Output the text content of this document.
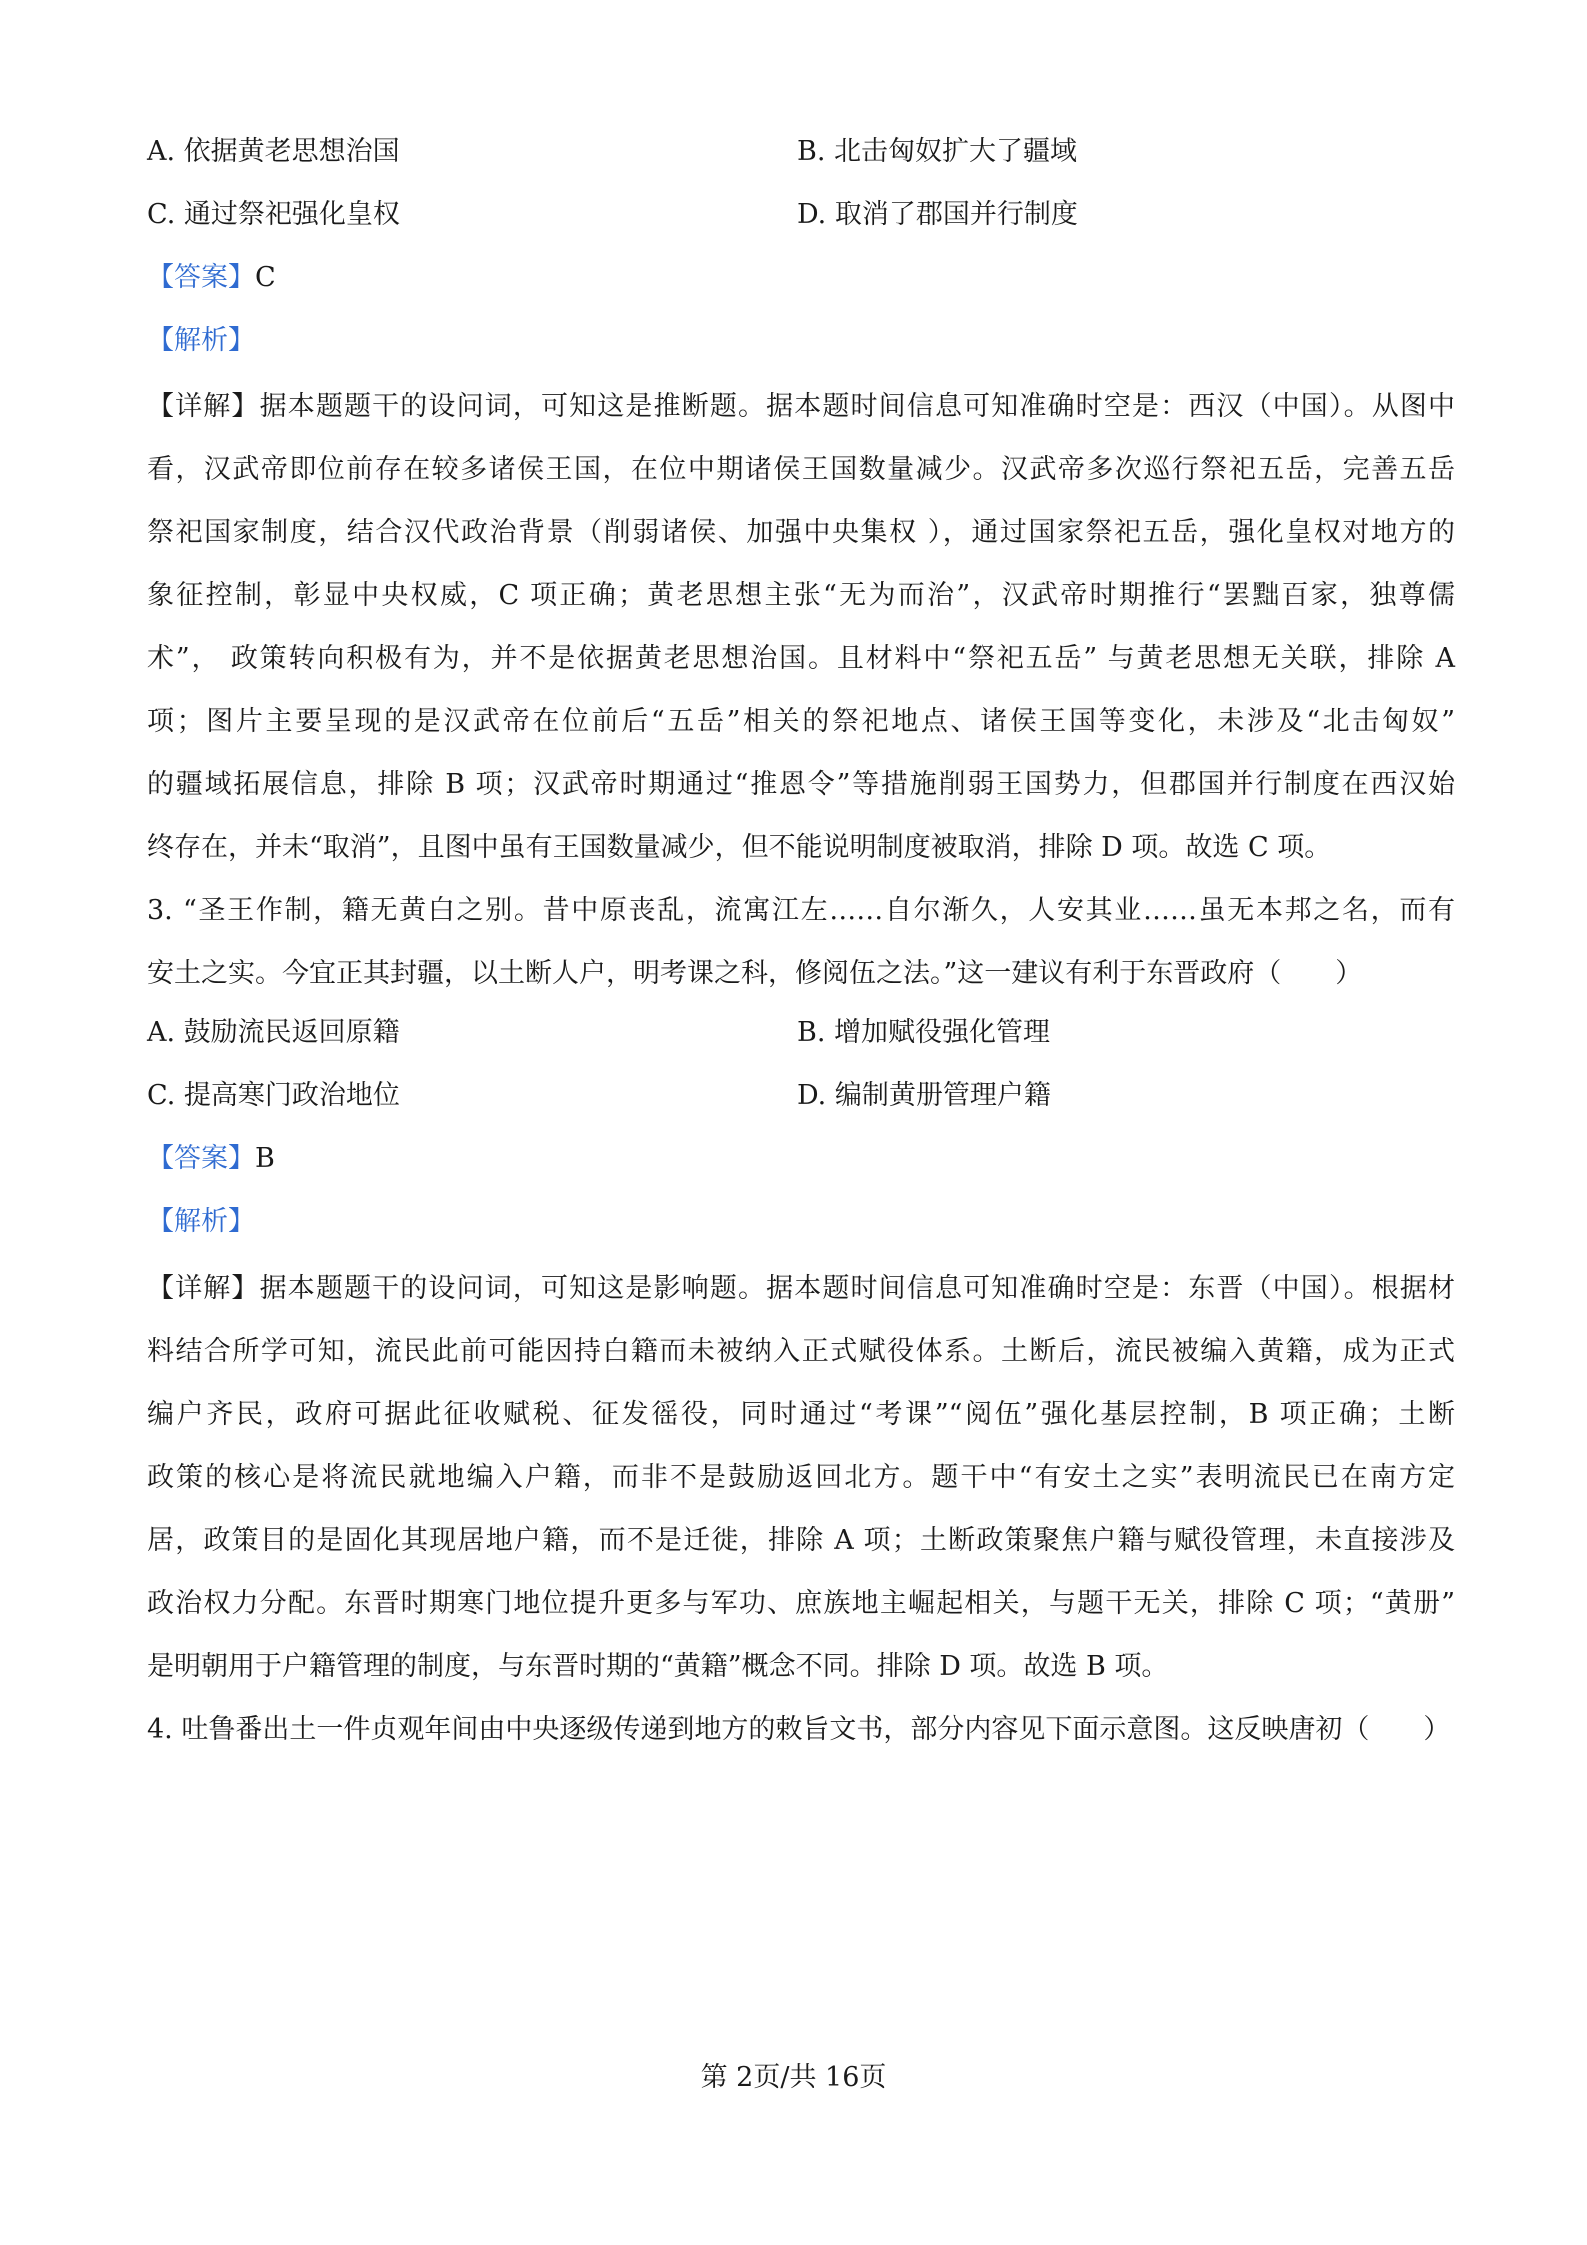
A. 依据黄老思想治国	B. 北击匈奴扩大了疆域
C. 通过祭祀强化皇权	D. 取消了郡国并行制度
【答案】C
【解析】
【详解】据本题题干的设问词，可知这是推断题。据本题时间信息可知准确时空是：西汉（中国）。从图中
看，汉武帝即位前存在较多诸侯王国，在位中期诸侯王国数量减少。汉武帝多次巡行祭祀五岳，完善五岳
祭祀国家制度，结合汉代政治背景（削弱诸侯、加强中央集权 ），通过国家祭祀五岳，强化皇权对地方的
象征控制，彰显中央权威，C 项正确；黄老思想主张“无为而治”，汉武帝时期推行“罢黜百家，独尊儒
术”， 政策转向积极有为，并不是依据黄老思想治国。且材料中“祭祀五岳” 与黄老思想无关联，排除 A
项；图片主要呈现的是汉武帝在位前后“五岳”相关的祭祀地点、诸侯王国等变化，未涉及“北击匈奴”
的疆域拓展信息，排除 B 项；汉武帝时期通过“推恩令”等措施削弱王国势力，但郡国并行制度在西汉始
终存在，并未“取消”，且图中虽有王国数量减少，但不能说明制度被取消，排除 D 项。故选 C 项。
3. “圣王作制，籍无黄白之别。昔中原丧乱，流寓江左……自尔渐久，人安其业……虽无本邦之名，而有
安土之实。今宜正其封疆，以土断人户，明考课之科，修阅伍之法。”这一建议有利于东晋政府（　　）
A. 鼓励流民返回原籍	B. 增加赋役强化管理
C. 提高寒门政治地位	D. 编制黄册管理户籍
【答案】B
【解析】
【详解】据本题题干的设问词，可知这是影响题。据本题时间信息可知准确时空是：东晋（中国）。根据材
料结合所学可知，流民此前可能因持白籍而未被纳入正式赋役体系。土断后，流民被编入黄籍，成为正式
编户齐民，政府可据此征收赋税、征发徭役，同时通过“考课”“阅伍”强化基层控制，B 项正确；土断
政策的核心是将流民就地编入户籍，而非不是鼓励返回北方。题干中“有安土之实”表明流民已在南方定
居，政策目的是固化其现居地户籍，而不是迁徙，排除 A 项；土断政策聚焦户籍与赋役管理，未直接涉及
政治权力分配。东晋时期寒门地位提升更多与军功、庶族地主崛起相关，与题干无关，排除 C 项；“黄册”
是明朝用于户籍管理的制度，与东晋时期的“黄籍”概念不同。排除 D 项。故选 B 项。
4. 吐鲁番出土一件贞观年间由中央逐级传递到地方的敕旨文书，部分内容见下面示意图。这反映唐初（　　）
第 2页/共 16页
